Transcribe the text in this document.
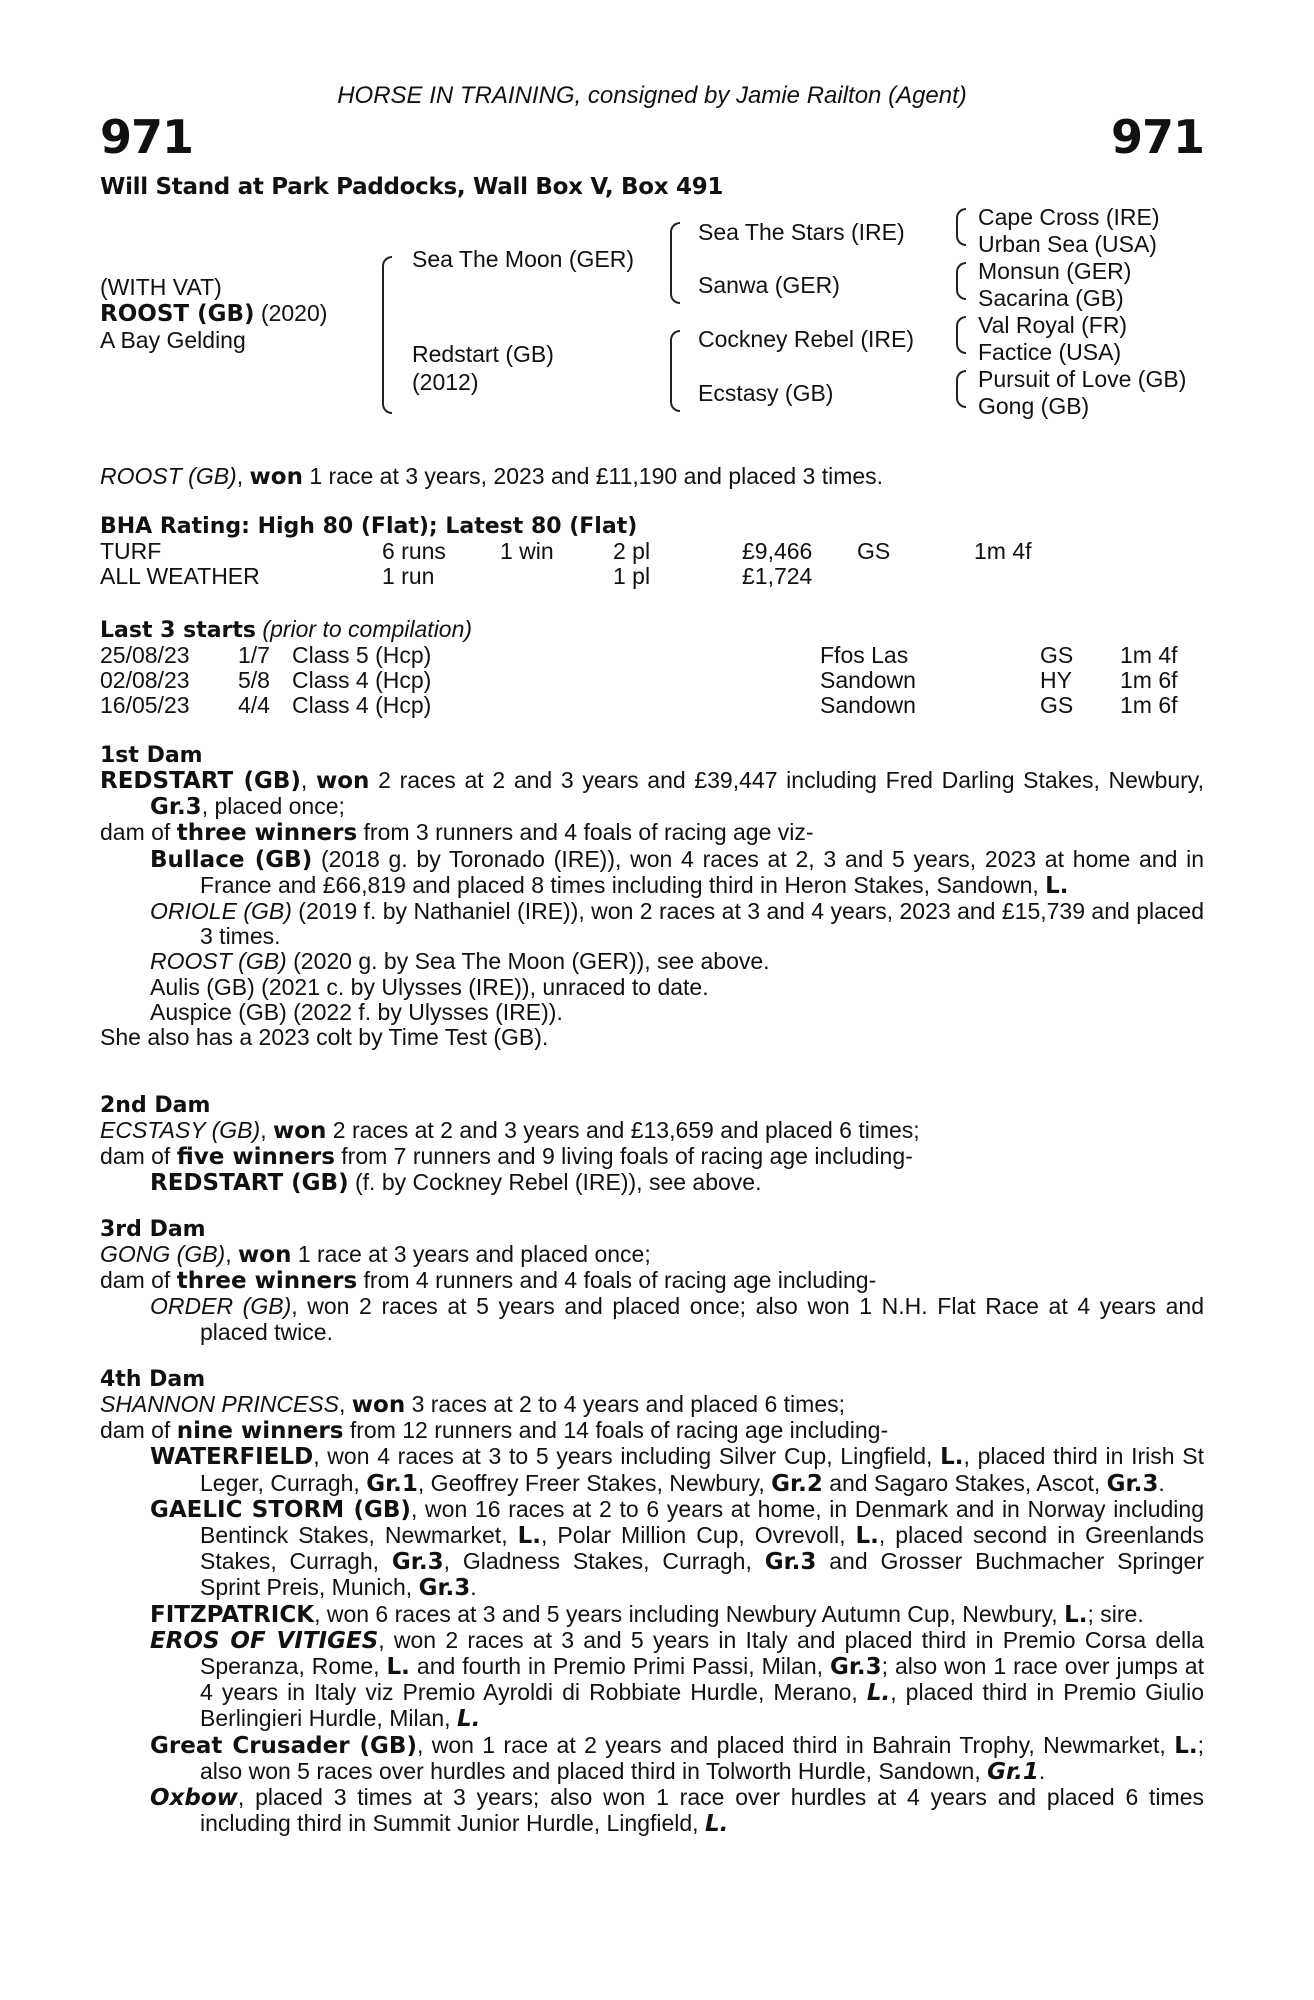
HORSE IN TRAINING, consigned by Jamie Railton (Agent)
971	971
Will Stand at Park Paddocks, Wall Box V, Box 491
(WITH VAT)
ROOST (GB) (2020)
A Bay Gelding
Sea The Moon (GER)
Redstart (GB)
(2012)
Sea The Stars (IRE)
Sanwa (GER)
Cockney Rebel (IRE)
Ecstasy (GB)
Cape Cross (IRE)
Urban Sea (USA)
Monsun (GER)
Sacarina (GB)
Val Royal (FR)
Factice (USA)
Pursuit of Love (GB)
Gong (GB)
ROOST (GB), won 1 race at 3 years, 2023 and £11,190 and placed 3 times.
BHA Rating: High 80 (Flat); Latest 80 (Flat)
TURF	6 runs 1 win	2 pl	£9,466 GS	1m 4f
ALL WEATHER	1 run	1 pl	£1,724
Last 3 starts (prior to compilation)
25/08/23 1/7 Class 5 (Hcp)	Ffos Las	GS 1m 4f
02/08/23 5/8 Class 4 (Hcp)	Sandown	HY 1m 6f
16/05/23 4/4 Class 4 (Hcp)	Sandown	GS 1m 6f
1st Dam

REDSTART (GB), won 2 races at 2 and 3 years and £39,447 including Fred Darling Stakes, Newbury, Gr.3, placed once;

dam of three winners from 3 runners and 4 foals of racing age viz-

Bullace (GB) (2018 g. by Toronado (IRE)), won 4 races at 2, 3 and 5 years, 2023 at home and in France and £66,819 and placed 8 times including third in Heron Stakes, Sandown, L.

ORIOLE (GB) (2019 f. by Nathaniel (IRE)), won 2 races at 3 and 4 years, 2023 and £15,739 and placed 3 times.

ROOST (GB) (2020 g. by Sea The Moon (GER)), see above.

Aulis (GB) (2021 c. by Ulysses (IRE)), unraced to date.

Auspice (GB) (2022 f. by Ulysses (IRE)).

She also has a 2023 colt by Time Test (GB).

2nd Dam

ECSTASY (GB), won 2 races at 2 and 3 years and £13,659 and placed 6 times;

dam of five winners from 7 runners and 9 living foals of racing age including-

REDSTART (GB) (f. by Cockney Rebel (IRE)), see above.

3rd Dam

GONG (GB), won 1 race at 3 years and placed once;

dam of three winners from 4 runners and 4 foals of racing age including-

ORDER (GB), won 2 races at 5 years and placed once; also won 1 N.H. Flat Race at 4 years and placed twice.

4th Dam

SHANNON PRINCESS, won 3 races at 2 to 4 years and placed 6 times;

dam of nine winners from 12 runners and 14 foals of racing age including-

WATERFIELD, won 4 races at 3 to 5 years including Silver Cup, Lingfield, L., placed third in Irish St Leger, Curragh, Gr.1, Geoffrey Freer Stakes, Newbury, Gr.2 and Sagaro Stakes, Ascot, Gr.3.

GAELIC STORM (GB), won 16 races at 2 to 6 years at home, in Denmark and in Norway including Bentinck Stakes, Newmarket, L., Polar Million Cup, Ovrevoll, L., placed second in Greenlands Stakes, Curragh, Gr.3, Gladness Stakes, Curragh, Gr.3 and Grosser Buchmacher Springer Sprint Preis, Munich, Gr.3.

FITZPATRICK, won 6 races at 3 and 5 years including Newbury Autumn Cup, Newbury, L.; sire.

EROS OF VITIGES, won 2 races at 3 and 5 years in Italy and placed third in Premio Corsa della Speranza, Rome, L. and fourth in Premio Primi Passi, Milan, Gr.3; also won 1 race over jumps at 4 years in Italy viz Premio Ayroldi di Robbiate Hurdle, Merano, L., placed third in Premio Giulio Berlingieri Hurdle, Milan, L.

Great Crusader (GB), won 1 race at 2 years and placed third in Bahrain Trophy, Newmarket, L.; also won 5 races over hurdles and placed third in Tolworth Hurdle, Sandown, Gr.1.

Oxbow, placed 3 times at 3 years; also won 1 race over hurdles at 4 years and placed 6 times including third in Summit Junior Hurdle, Lingfield, L.
